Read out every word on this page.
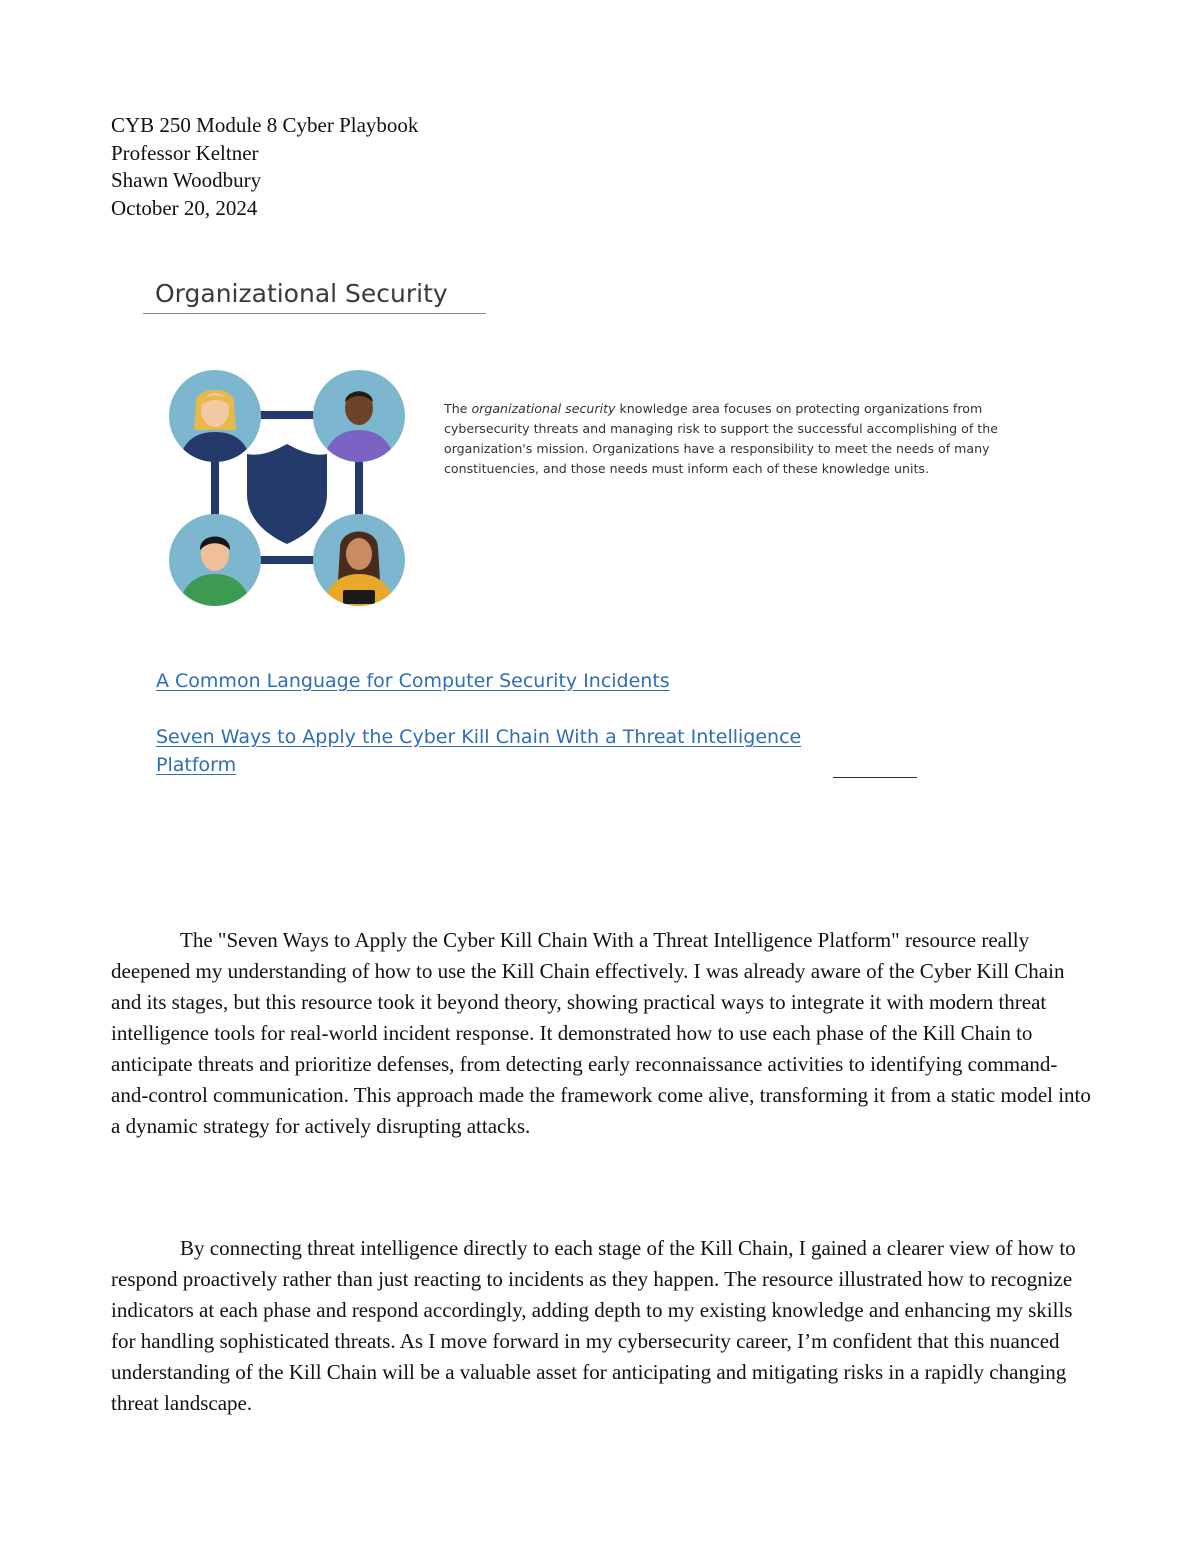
CYB 250 Module 8 Cyber Playbook
Professor Keltner
Shawn Woodbury
October 20, 2024
Organizational Security
The organizational security knowledge area focuses on protecting organizations from cybersecurity threats and managing risk to support the successful accomplishing of the organization's mission. Organizations have a responsibility to meet the needs of many constituencies, and those needs must inform each of these knowledge units.
A Common Language for Computer Security Incidents
Seven Ways to Apply the Cyber Kill Chain With a Threat Intelligence Platform

The "Seven Ways to Apply the Cyber Kill Chain With a Threat Intelligence Platform" resource really deepened my understanding of how to use the Kill Chain effectively. I was already aware of the Cyber Kill Chain and its stages, but this resource took it beyond theory, showing practical ways to integrate it with modern threat intelligence tools for real-world incident response. It demonstrated how to use each phase of the Kill Chain to anticipate threats and prioritize defenses, from detecting early reconnaissance activities to identifying command-and-control communication. This approach made the framework come alive, transforming it from a static model into a dynamic strategy for actively disrupting attacks.

By connecting threat intelligence directly to each stage of the Kill Chain, I gained a clearer view of how to respond proactively rather than just reacting to incidents as they happen. The resource illustrated how to recognize indicators at each phase and respond accordingly, adding depth to my existing knowledge and enhancing my skills for handling sophisticated threats. As I move forward in my cybersecurity career, I’m confident that this nuanced understanding of the Kill Chain will be a valuable asset for anticipating and mitigating risks in a rapidly changing threat landscape.
